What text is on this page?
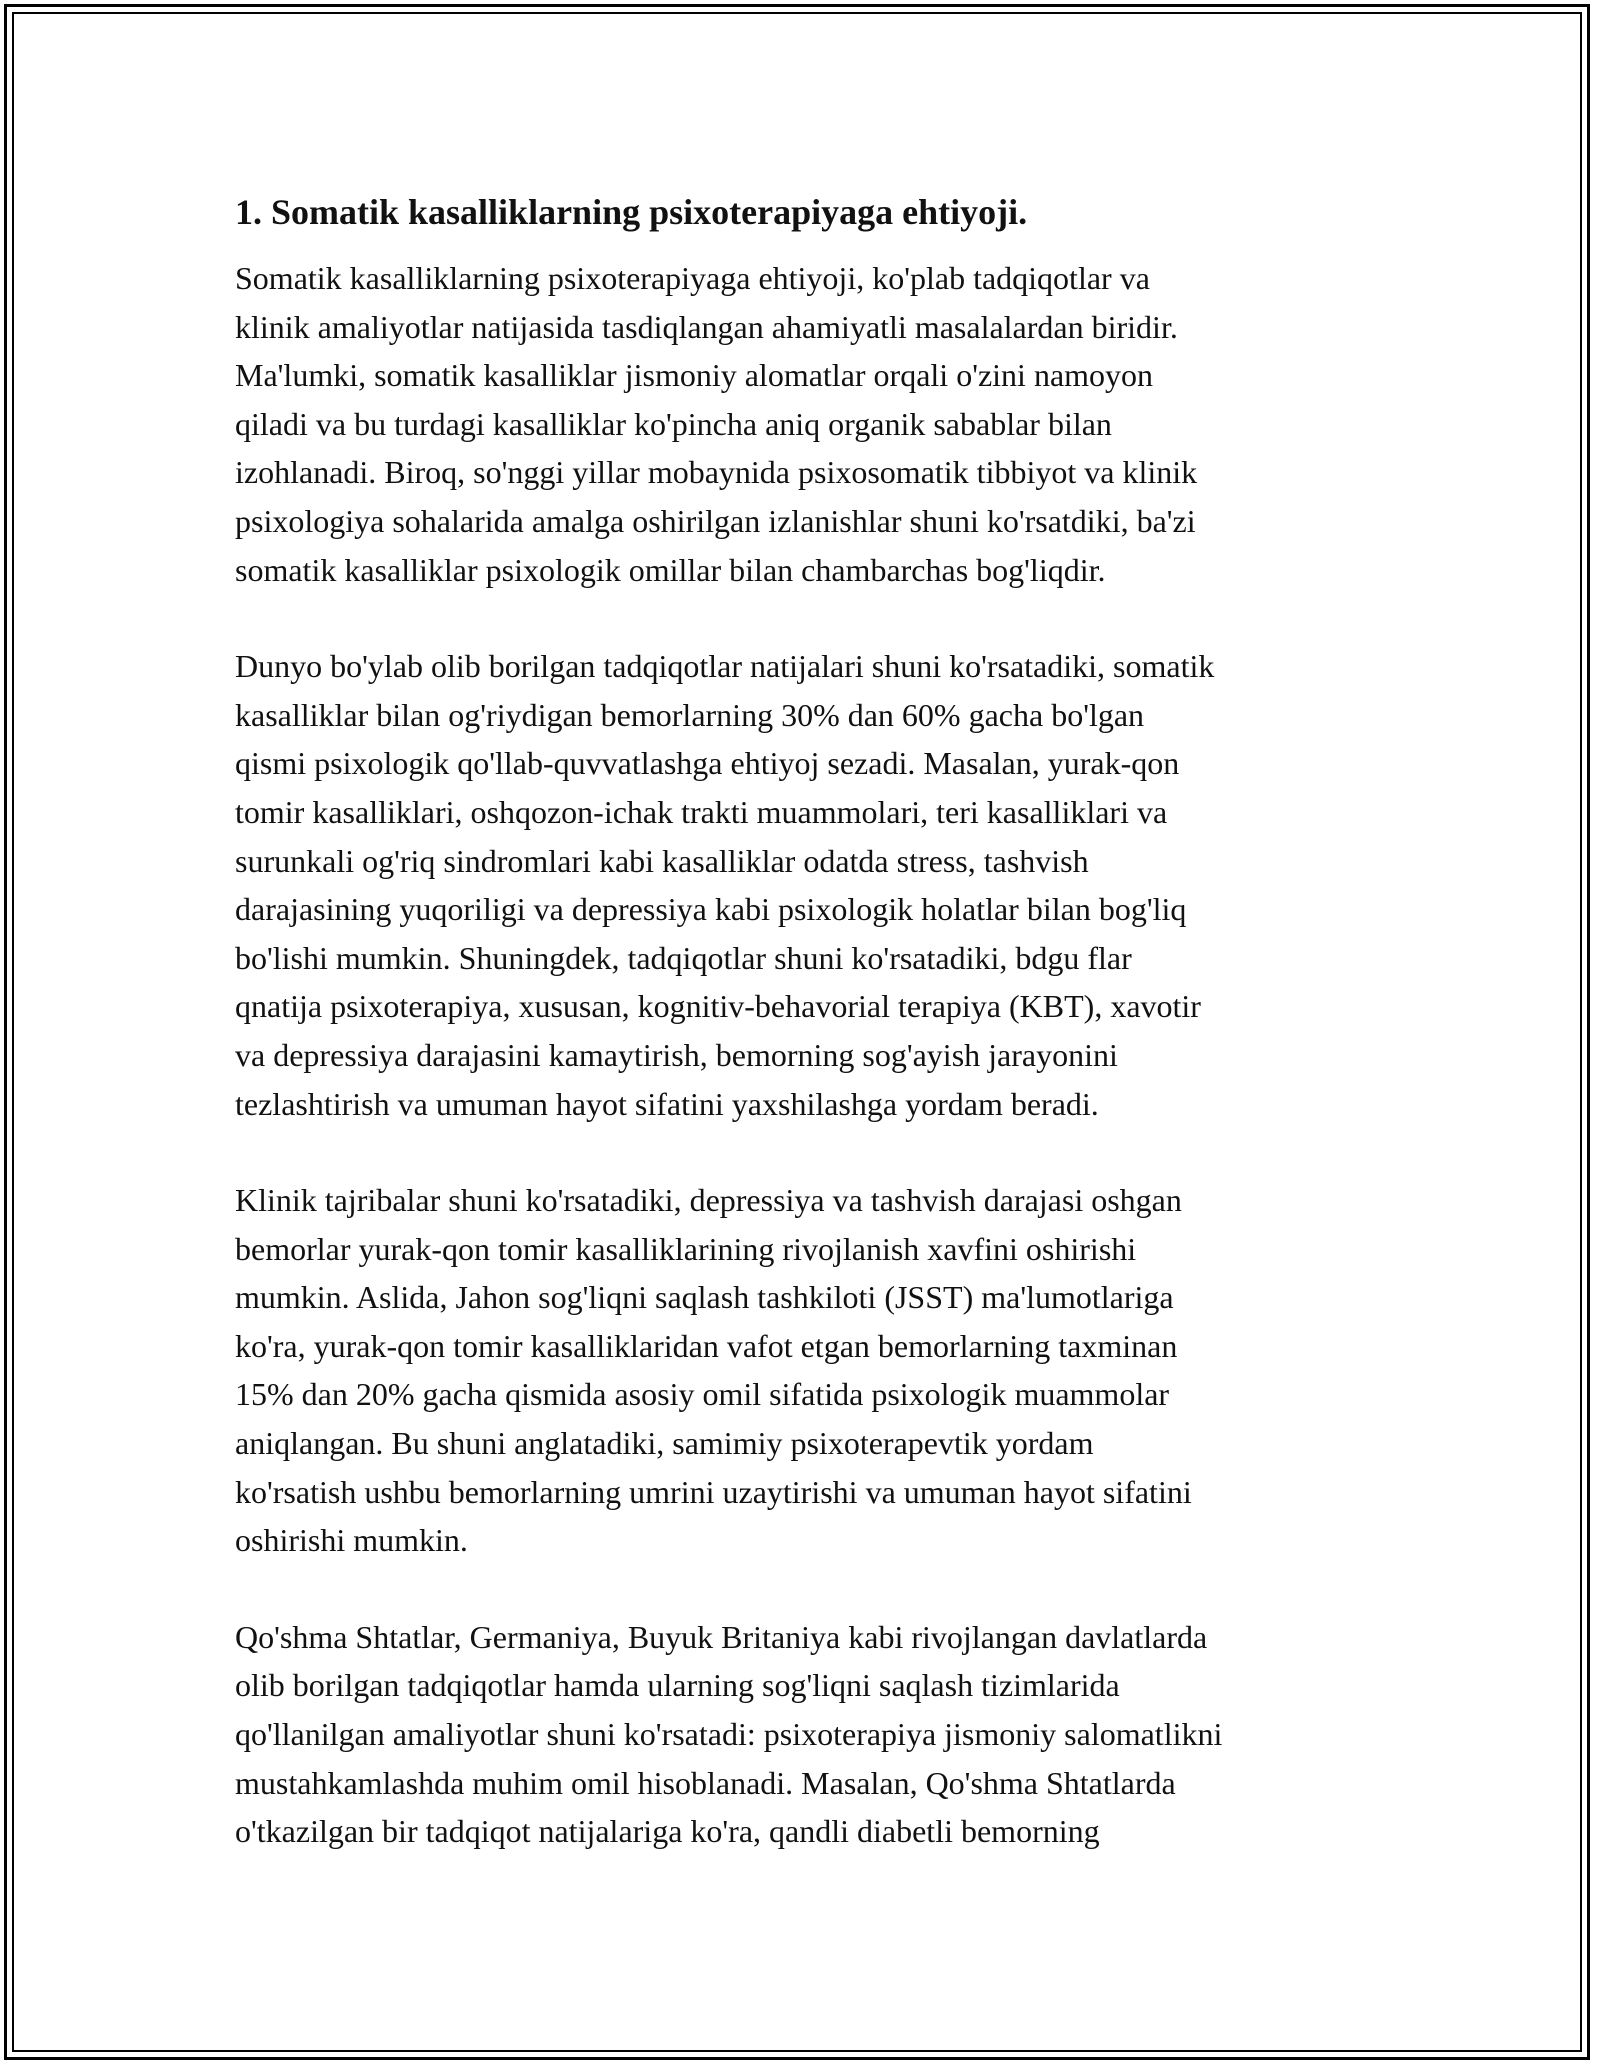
1. Somatik kasalliklarning psixoterapiyaga ehtiyoji.

Somatik kasalliklarning psixoterapiyaga ehtiyoji, ko'plab tadqiqotlar va
klinik amaliyotlar natijasida tasdiqlangan ahamiyatli masalalardan biridir.
Ma'lumki, somatik kasalliklar jismoniy alomatlar orqali o'zini namoyon
qiladi va bu turdagi kasalliklar ko'pincha aniq organik sabablar bilan
izohlanadi. Biroq, so'nggi yillar mobaynida psixosomatik tibbiyot va klinik
psixologiya sohalarida amalga oshirilgan izlanishlar shuni ko'rsatdiki, ba'zi
somatik kasalliklar psixologik omillar bilan chambarchas bog'liqdir.

Dunyo bo'ylab olib borilgan tadqiqotlar natijalari shuni ko'rsatadiki, somatik
kasalliklar bilan og'riydigan bemorlarning 30% dan 60% gacha bo'lgan
qismi psixologik qo'llab-quvvatlashga ehtiyoj sezadi. Masalan, yurak-qon
tomir kasalliklari, oshqozon-ichak trakti muammolari, teri kasalliklari va
surunkali og'riq sindromlari kabi kasalliklar odatda stress, tashvish
darajasining yuqoriligi va depressiya kabi psixologik holatlar bilan bog'liq
bo'lishi mumkin. Shuningdek, tadqiqotlar shuni ko'rsatadiki, bdgu flar
qnatija psixoterapiya, xususan, kognitiv-behavorial terapiya (KBT), xavotir
va depressiya darajasini kamaytirish, bemorning sog'ayish jarayonini
tezlashtirish va umuman hayot sifatini yaxshilashga yordam beradi.

Klinik tajribalar shuni ko'rsatadiki, depressiya va tashvish darajasi oshgan
bemorlar yurak-qon tomir kasalliklarining rivojlanish xavfini oshirishi
mumkin. Aslida, Jahon sog'liqni saqlash tashkiloti (JSST) ma'lumotlariga
ko'ra, yurak-qon tomir kasalliklaridan vafot etgan bemorlarning taxminan
15% dan 20% gacha qismida asosiy omil sifatida psixologik muammolar
aniqlangan. Bu shuni anglatadiki, samimiy psixoterapevtik yordam
ko'rsatish ushbu bemorlarning umrini uzaytirishi va umuman hayot sifatini
oshirishi mumkin.

Qo'shma Shtatlar, Germaniya, Buyuk Britaniya kabi rivojlangan davlatlarda
olib borilgan tadqiqotlar hamda ularning sog'liqni saqlash tizimlarida
qo'llanilgan amaliyotlar shuni ko'rsatadi: psixoterapiya jismoniy salomatlikni
mustahkamlashda muhim omil hisoblanadi. Masalan, Qo'shma Shtatlarda
o'tkazilgan bir tadqiqot natijalariga ko'ra, qandli diabetli bemorning
